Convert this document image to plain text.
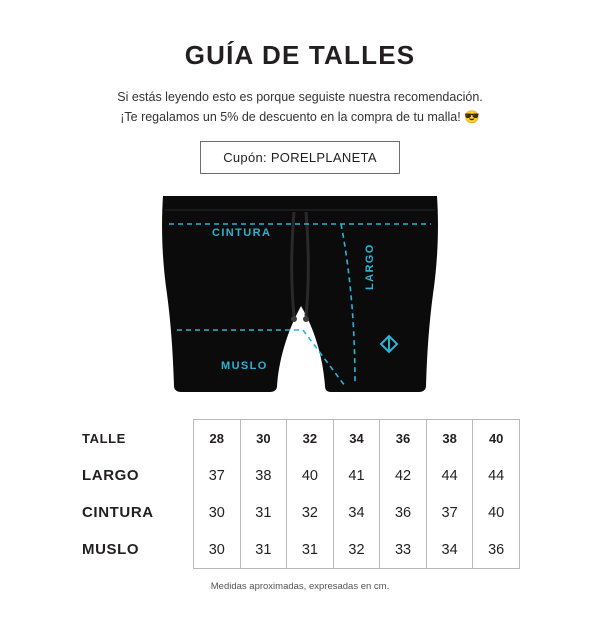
GUÍA DE TALLES
Si estás leyendo esto es porque seguiste nuestra recomendación.
¡Te regalamos un 5% de descuento en la compra de tu malla! 😎
Cupón: PORELPLANETA
CINTURA
MUSLO
LARGO
TALLE	28	30	32	34	36	38	40
LARGO	37	38	40	41	42	44	44
CINTURA	30	31	32	34	36	37	40
MUSLO	30	31	31	32	33	34	36
Medidas aproximadas, expresadas en cm.
